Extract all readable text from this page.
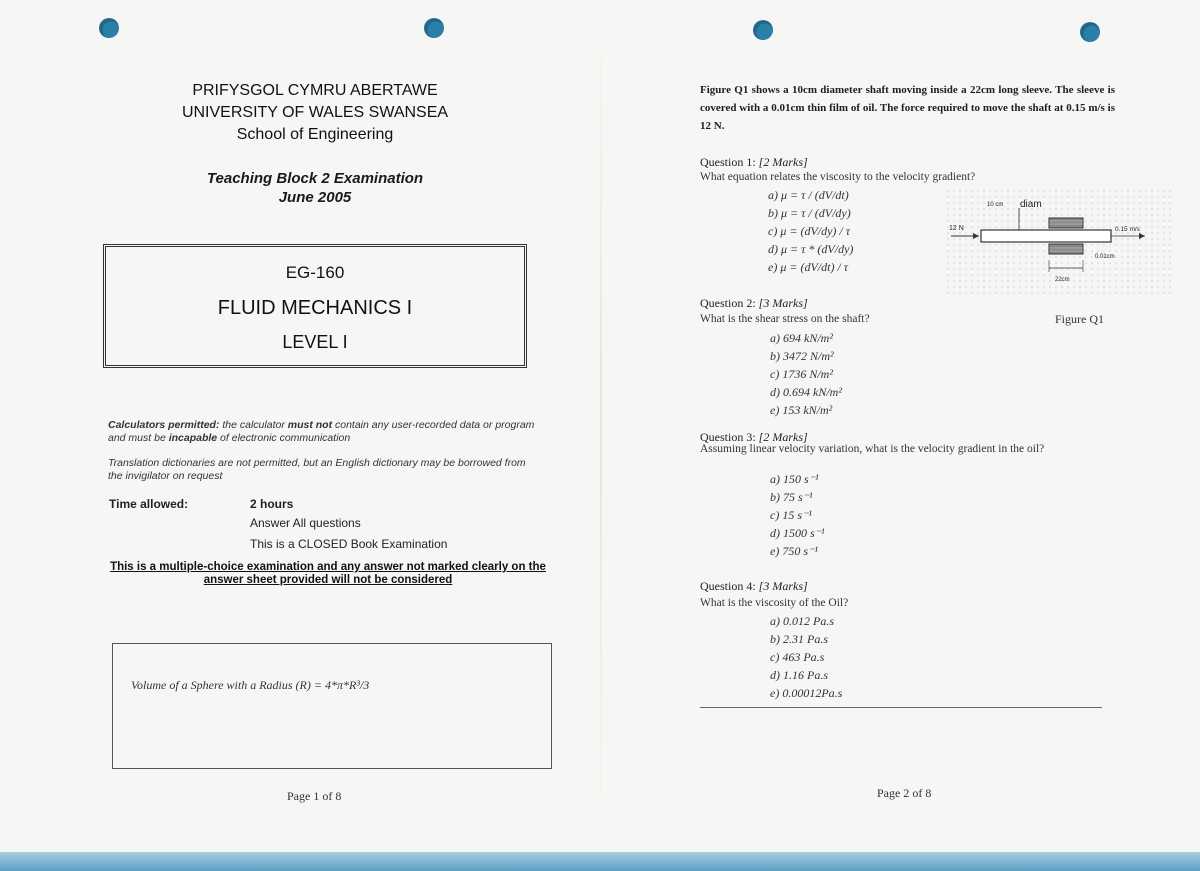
PRIFYSGOL CYMRU ABERTAWE
UNIVERSITY OF WALES SWANSEA
School of Engineering
Teaching Block 2 Examination
June 2005
EG-160
FLUID MECHANICS I
LEVEL I
Calculators permitted: the calculator must not contain any user-recorded data or program and must be incapable of electronic communication
Translation dictionaries are not permitted, but an English dictionary may be borrowed from the invigilator on request
Time allowed:	2 hours
Answer All questions
This is a CLOSED Book Examination
This is a multiple-choice examination and any answer not marked clearly on the answer sheet provided will not be considered
Volume of a Sphere with a Radius (R) = 4*π*R³/3
Page 1 of 8
Figure Q1 shows a 10cm diameter shaft moving inside a 22cm long sleeve. The sleeve is covered with a 0.01cm thin film of oil. The force required to move the shaft at 0.15 m/s is 12 N.
Question 1: [2 Marks]
What equation relates the viscosity to the velocity gradient?
a) μ = τ / (dV/dt)
b) μ = τ / (dV/dy)
c) μ = (dV/dy) / τ
d) μ = τ * (dV/dy)
e) μ = (dV/dt) / τ
12 N
10 cm diam
0.15 m/s
0.01cm
22cm
Figure Q1
Question 2: [3 Marks]
What is the shear stress on the shaft?
a) 694 kN/m²
b) 3472 N/m²
c) 1736 N/m²
d) 0.694 kN/m²
e) 153 kN/m²
Question 3: [2 Marks]
Assuming linear velocity variation, what is the velocity gradient in the oil?
a) 150 s⁻¹
b) 75 s⁻¹
c) 15 s⁻¹
d) 1500 s⁻¹
e) 750 s⁻¹
Question 4: [3 Marks]
What is the viscosity of the Oil?
a) 0.012 Pa.s
b) 2.31 Pa.s
c) 463 Pa.s
d) 1.16 Pa.s
e) 0.00012Pa.s
Page 2 of 8
